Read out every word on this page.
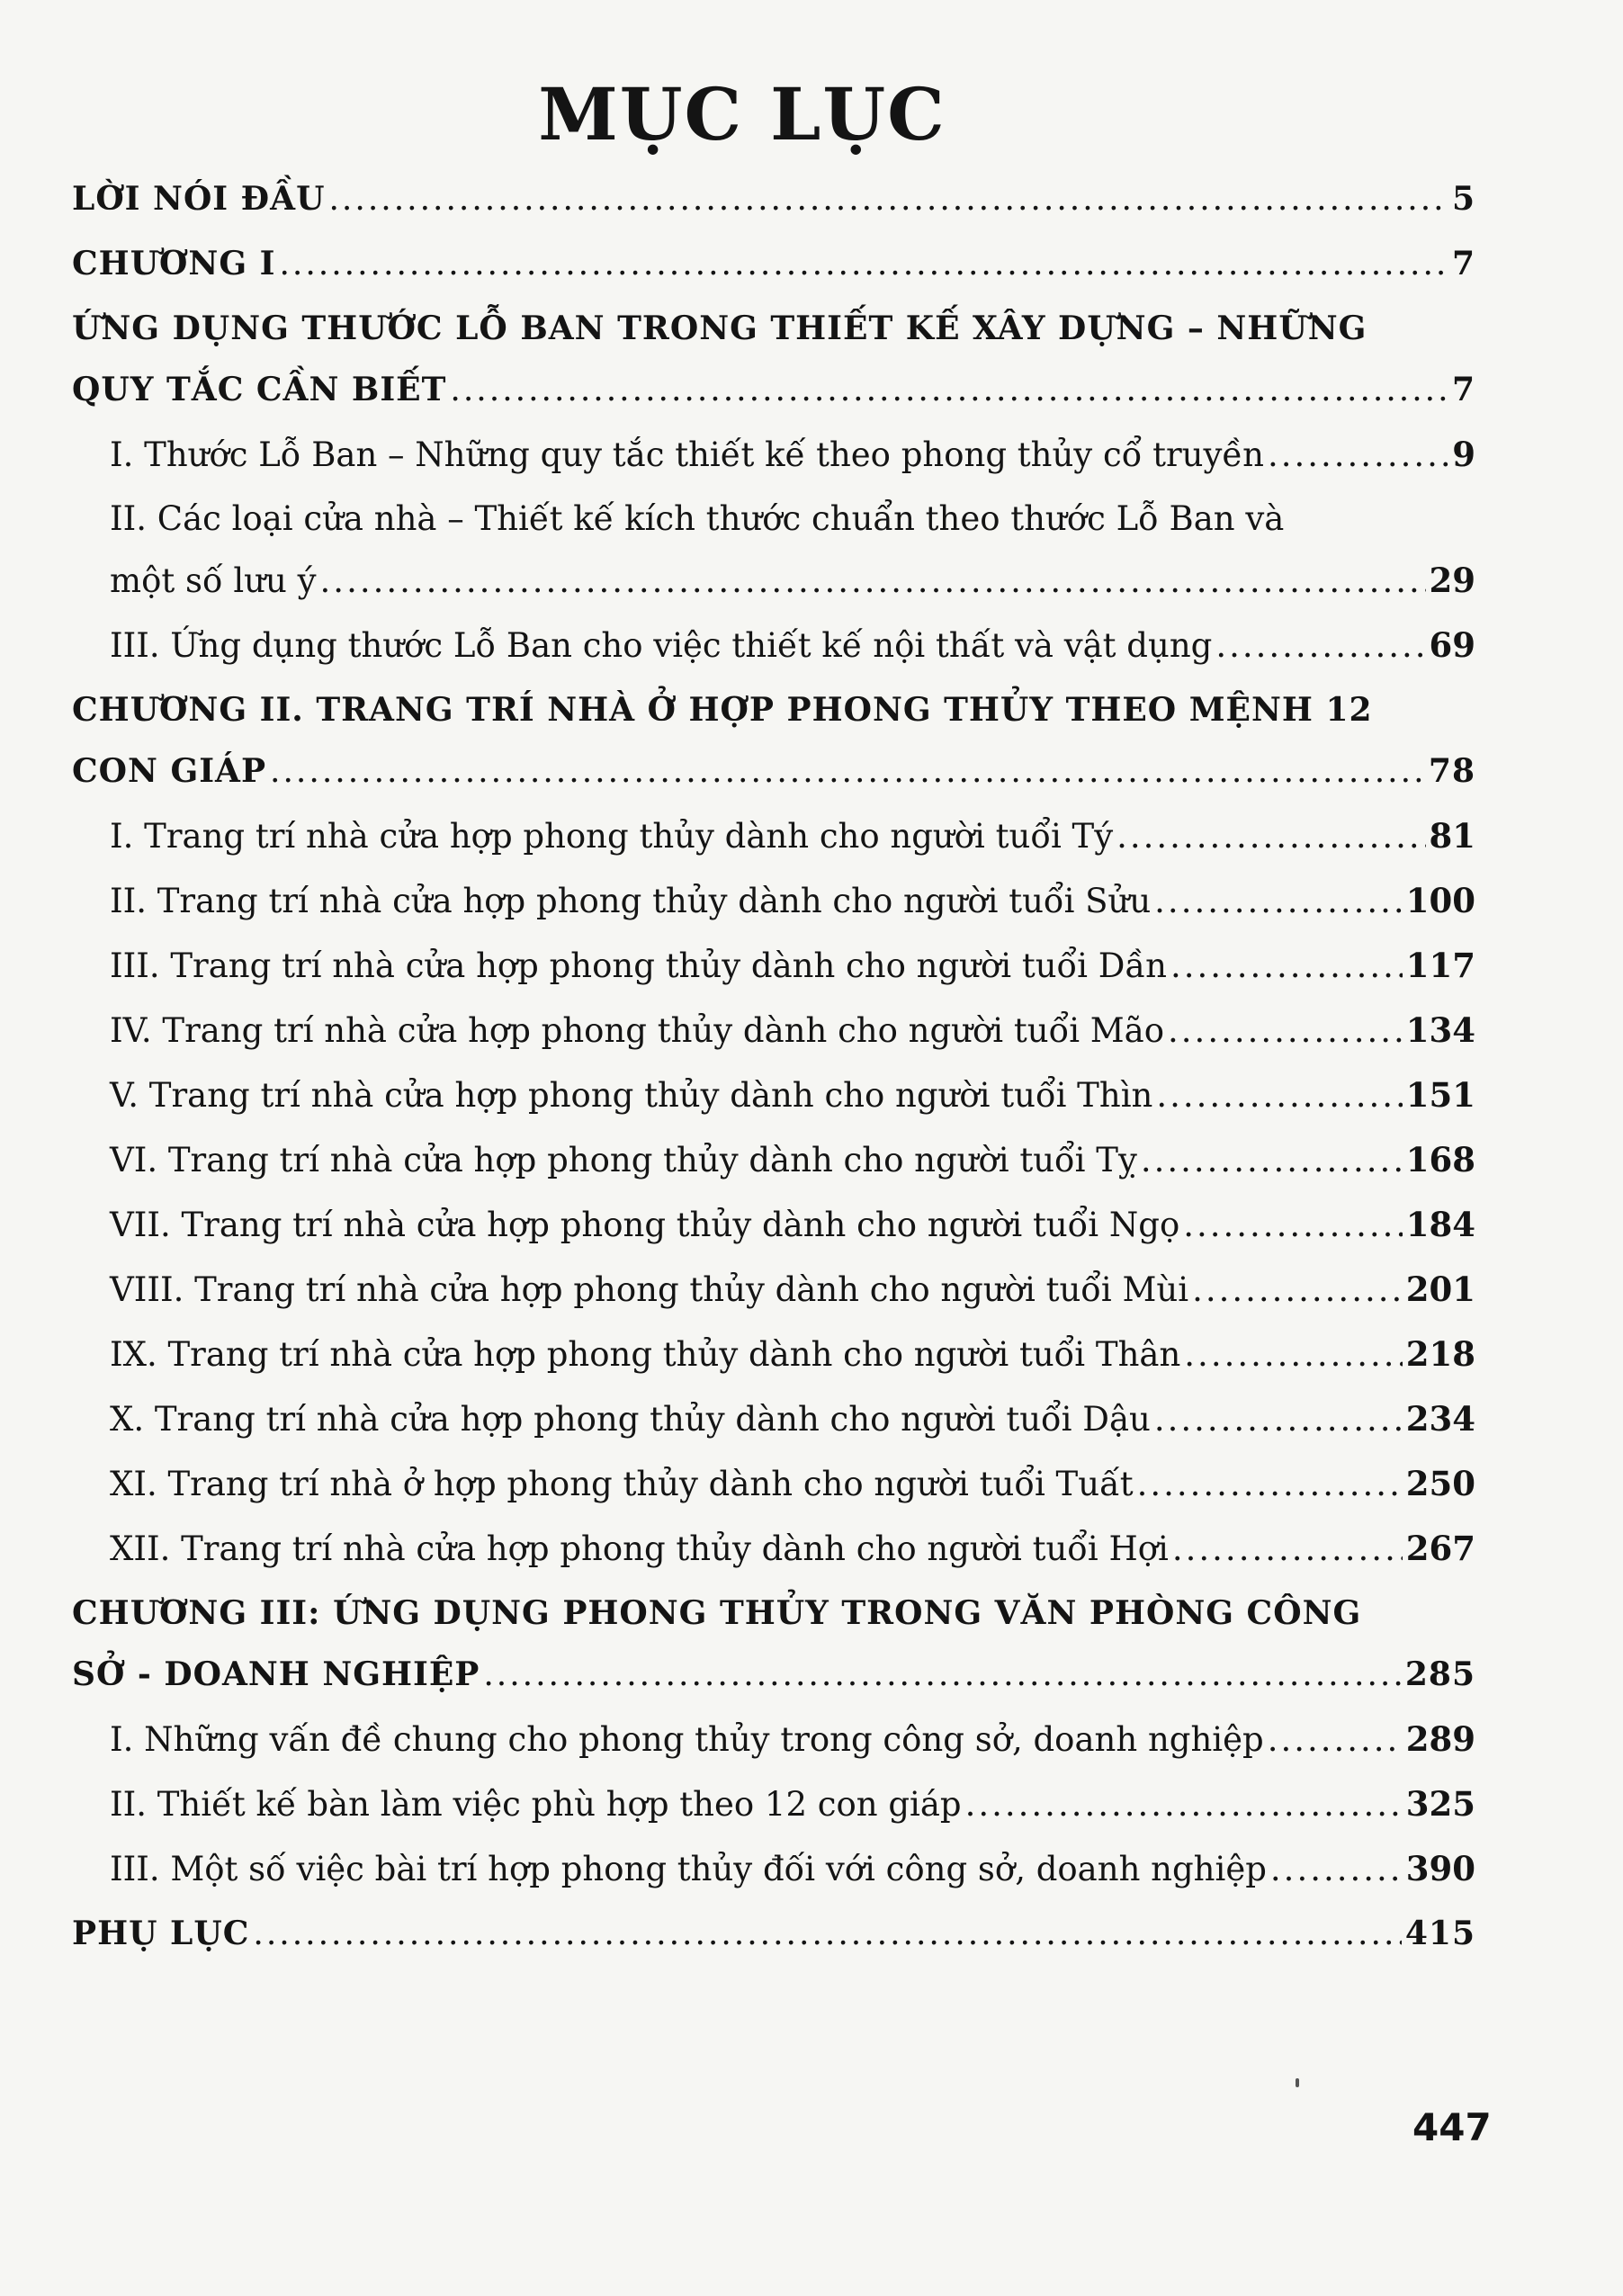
MỤC LỤC
LỜI NÓI ĐẦU .....	5
CHƯƠNG I .....	7
ỨNG DỤNG THƯỚC LỖ BAN TRONG THIẾT KẾ XÂY DỰNG – NHỮNG
QUY TẮC CẦN BIẾT .....	7
I. Thước Lỗ Ban – Những quy tắc thiết kế theo phong thủy cổ truyền .....	9
II. Các loại cửa nhà – Thiết kế kích thước chuẩn theo thước Lỗ Ban và
một số lưu ý .....	29
III. Ứng dụng thước Lỗ Ban cho việc thiết kế nội thất và vật dụng .....	69
CHƯƠNG II. TRANG TRÍ NHÀ Ở HỢP PHONG THỦY THEO MỆNH 12
CON GIÁP .....	78
I. Trang trí nhà cửa hợp phong thủy dành cho người tuổi Tý .....	81
II. Trang trí nhà cửa hợp phong thủy dành cho người tuổi Sửu .....	100
III. Trang trí nhà cửa hợp phong thủy dành cho người tuổi Dần .....	117
IV. Trang trí nhà cửa hợp phong thủy dành cho người tuổi Mão .....	134
V. Trang trí nhà cửa hợp phong thủy dành cho người tuổi Thìn .....	151
VI. Trang trí nhà cửa hợp phong thủy dành cho người tuổi Tỵ .....	168
VII. Trang trí nhà cửa hợp phong thủy dành cho người tuổi Ngọ .....	184
VIII. Trang trí nhà cửa hợp phong thủy dành cho người tuổi Mùi .....	201
IX. Trang trí nhà cửa hợp phong thủy dành cho người tuổi Thân .....	218
X. Trang trí nhà cửa hợp phong thủy dành cho người tuổi Dậu .....	234
XI. Trang trí nhà ở hợp phong thủy dành cho người tuổi Tuất .....	250
XII. Trang trí nhà cửa hợp phong thủy dành cho người tuổi Hợi .....	267
CHƯƠNG III: ỨNG DỤNG PHONG THỦY TRONG VĂN PHÒNG CÔNG
SỞ - DOANH NGHIỆP .....	285
I. Những vấn đề chung cho phong thủy trong công sở, doanh nghiệp .....	289
II. Thiết kế bàn làm việc phù hợp theo 12 con giáp .....	325
III. Một số việc bài trí hợp phong thủy đối với công sở, doanh nghiệp .....	390
PHỤ LỤC .....	415
447
